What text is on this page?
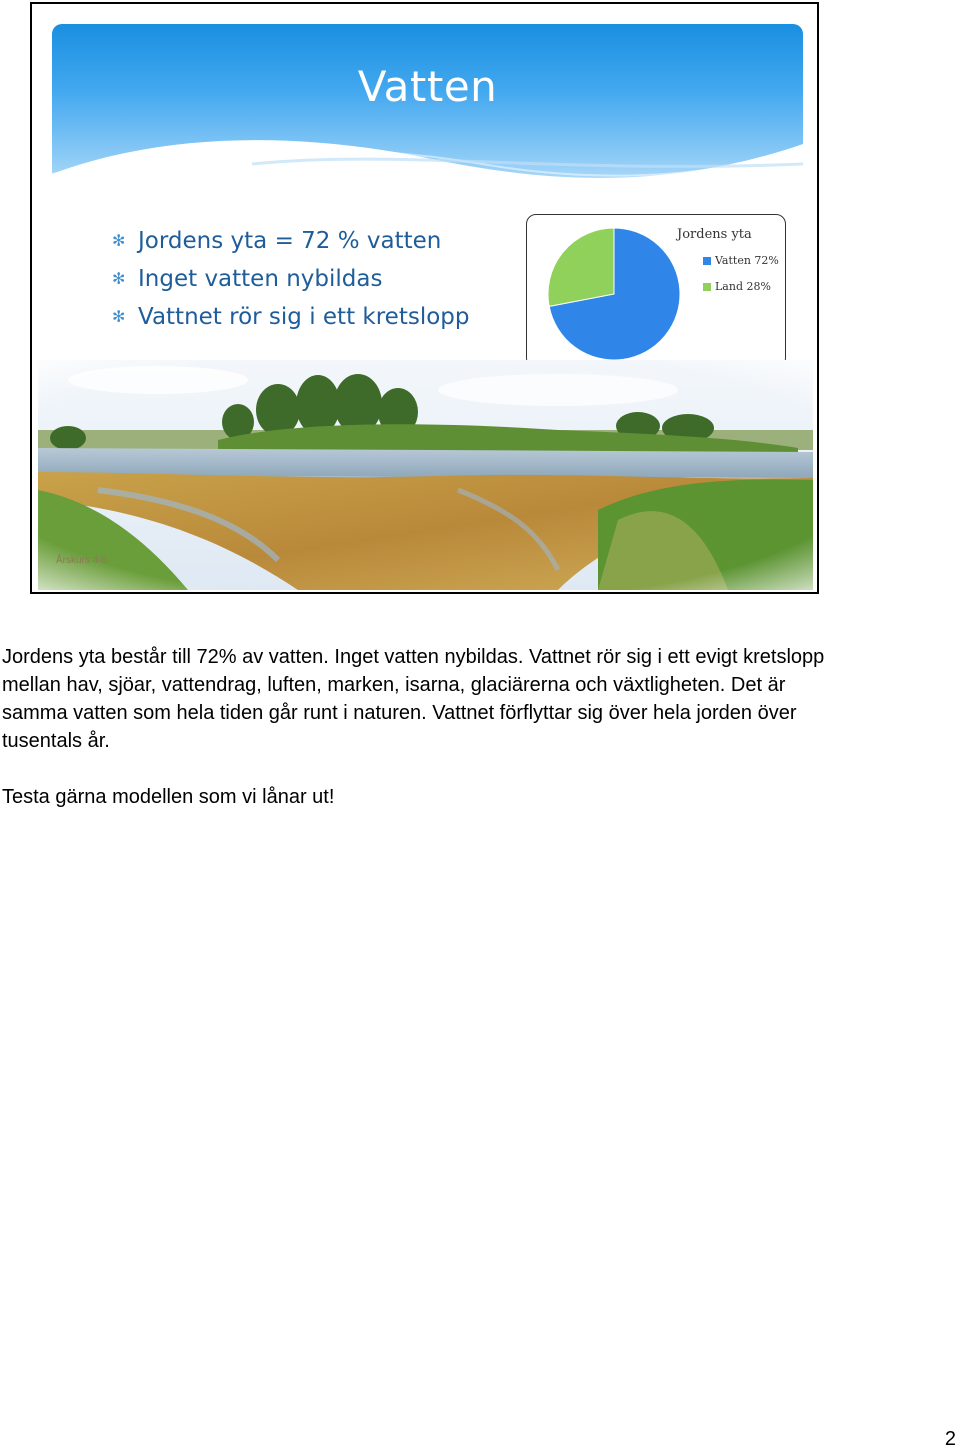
Vatten
✻ Jordens yta = 72 % vatten
✻ Inget vatten nybildas
✻ Vattnet rör sig i ett kretslopp
Jordens yta
Vatten 72%
Land 28%
Årskurs 4-6

Jordens yta består till 72% av vatten. Inget vatten nybildas. Vattnet rör sig i ett evigt kretslopp mellan hav, sjöar, vattendrag, luften, marken, isarna, glaciärerna och växtligheten. Det är samma vatten som hela tiden går runt i naturen. Vattnet förflyttar sig över hela jorden över tusentals år.

Testa gärna modellen som vi lånar ut!

2
